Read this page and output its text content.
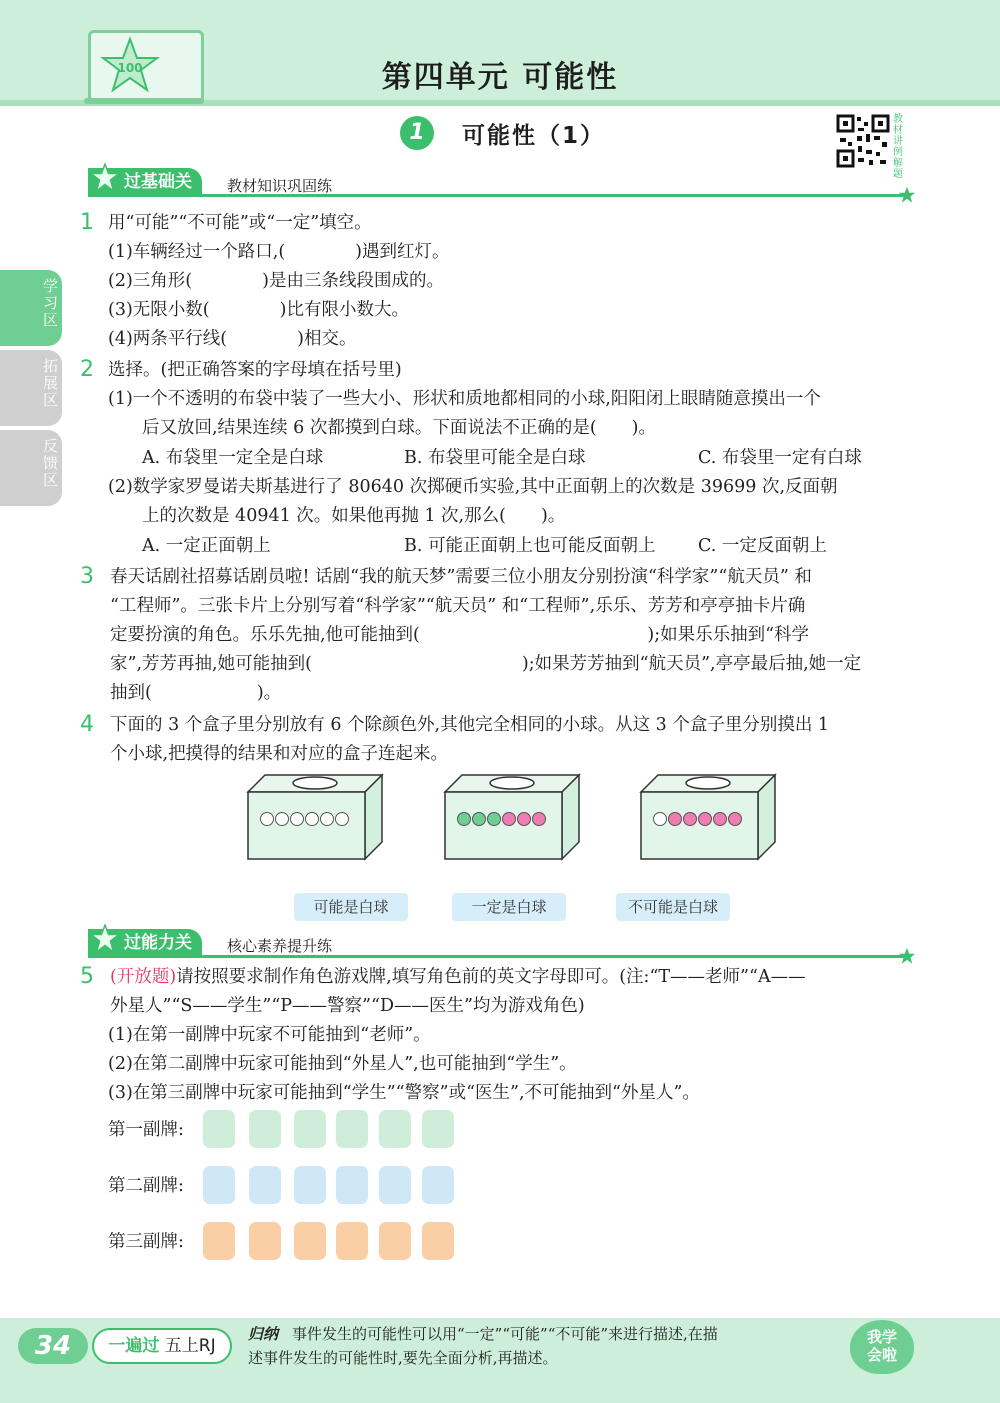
100	第四单元 可能性
1	可能性（1）
教材讲例解题
学习区
拓展区
反馈区
过基础关	教材知识巩固练
1 用“可能”“不可能”或“一定”填空。
(1)车辆经过一个路口,(　　　　)遇到红灯。
(2)三角形(　　　　)是由三条线段围成的。
(3)无限小数(　　　　)比有限小数大。
(4)两条平行线(　　　　)相交。
2 选择。(把正确答案的字母填在括号里)
(1)一个不透明的布袋中装了一些大小、形状和质地都相同的小球,阳阳闭上眼睛随意摸出一个
后又放回,结果连续 6 次都摸到白球。下面说法不正确的是(　　)。
A. 布袋里一定全是白球	B. 布袋里可能全是白球	C. 布袋里一定有白球
(2)数学家罗曼诺夫斯基进行了 80640 次掷硬币实验,其中正面朝上的次数是 39699 次,反面朝
上的次数是 40941 次。如果他再抛 1 次,那么(　　)。
A. 一定正面朝上	B. 可能正面朝上也可能反面朝上 C. 一定反面朝上
3 春天话剧社招募话剧员啦! 话剧“我的航天梦”需要三位小朋友分别扮演“科学家”“航天员” 和
“工程师”。三张卡片上分别写着“科学家”“航天员” 和“工程师”,乐乐、芳芳和亭亭抽卡片确
定要扮演的角色。乐乐先抽,他可能抽到(　　　　　　　　　　　　　);如果乐乐抽到“科学
家”,芳芳再抽,她可能抽到(　　　　　　　　　　　　);如果芳芳抽到“航天员”,亭亭最后抽,她一定
抽到(　　　　　　)。
4 下面的 3 个盒子里分别放有 6 个除颜色外,其他完全相同的小球。从这 3 个盒子里分别摸出 1
个小球,把摸得的结果和对应的盒子连起来。
可能是白球	一定是白球	不可能是白球
过能力关	核心素养提升练
5 (开放题)请按照要求制作角色游戏牌,填写角色前的英文字母即可。(注:“T——老师”“A——
外星人”“S——学生”“P——警察”“D——医生”均为游戏角色)
(1)在第一副牌中玩家不可能抽到“老师”。
(2)在第二副牌中玩家可能抽到“外星人”,也可能抽到“学生”。
(3)在第三副牌中玩家可能抽到“学生”“警察”或“医生”,不可能抽到“外星人”。
第一副牌:
第二副牌:
第三副牌:
34	一遍过 五上RJ
归纳 事件发生的可能性可以用“一定”“可能”“不可能”来进行描述,在描
述事件发生的可能性时,要先全面分析,再描述。
我学会啦
